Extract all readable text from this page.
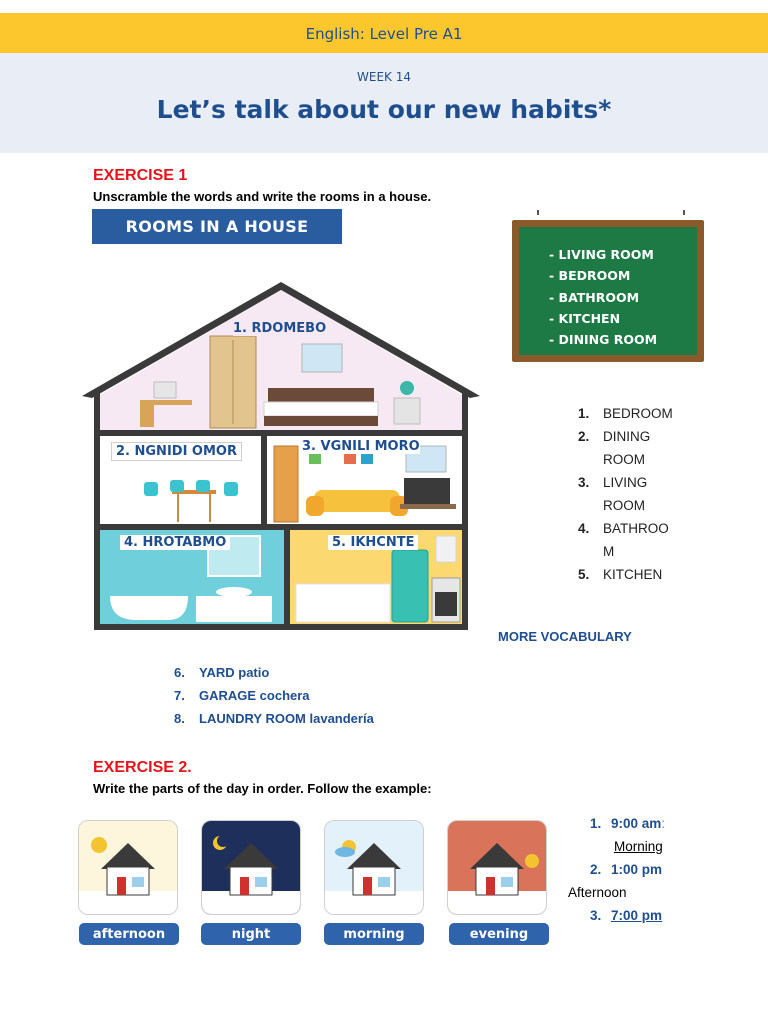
English: Level Pre A1
WEEK 14
Let’s talk about our new habits*
EXERCISE 1
Unscramble the words and write the rooms in a house.
ROOMS IN A HOUSE
1. RDOMEBO
2. NGNIDI OMOR	3. VGNILI MORO
4. HROTABMO	5. IKHCNTE
- LIVING ROOM
- BEDROOM
- BATHROOM
- KITCHEN
- DINING ROOM
1.	BEDROOM
2.	DINING ROOM
3.	LIVING ROOM
4.	BATHROOM
5.	KITCHEN
MORE VOCABULARY
6. YARD patio
7. GARAGE cochera
8. LAUNDRY ROOM lavandería
EXERCISE 2.
Write the parts of the day in order. Follow the example:
afternoon	night	morning	evening
1. 9:00 am:
Morning
2. 1:00 pm
Afternoon
3. 7:00 pm
